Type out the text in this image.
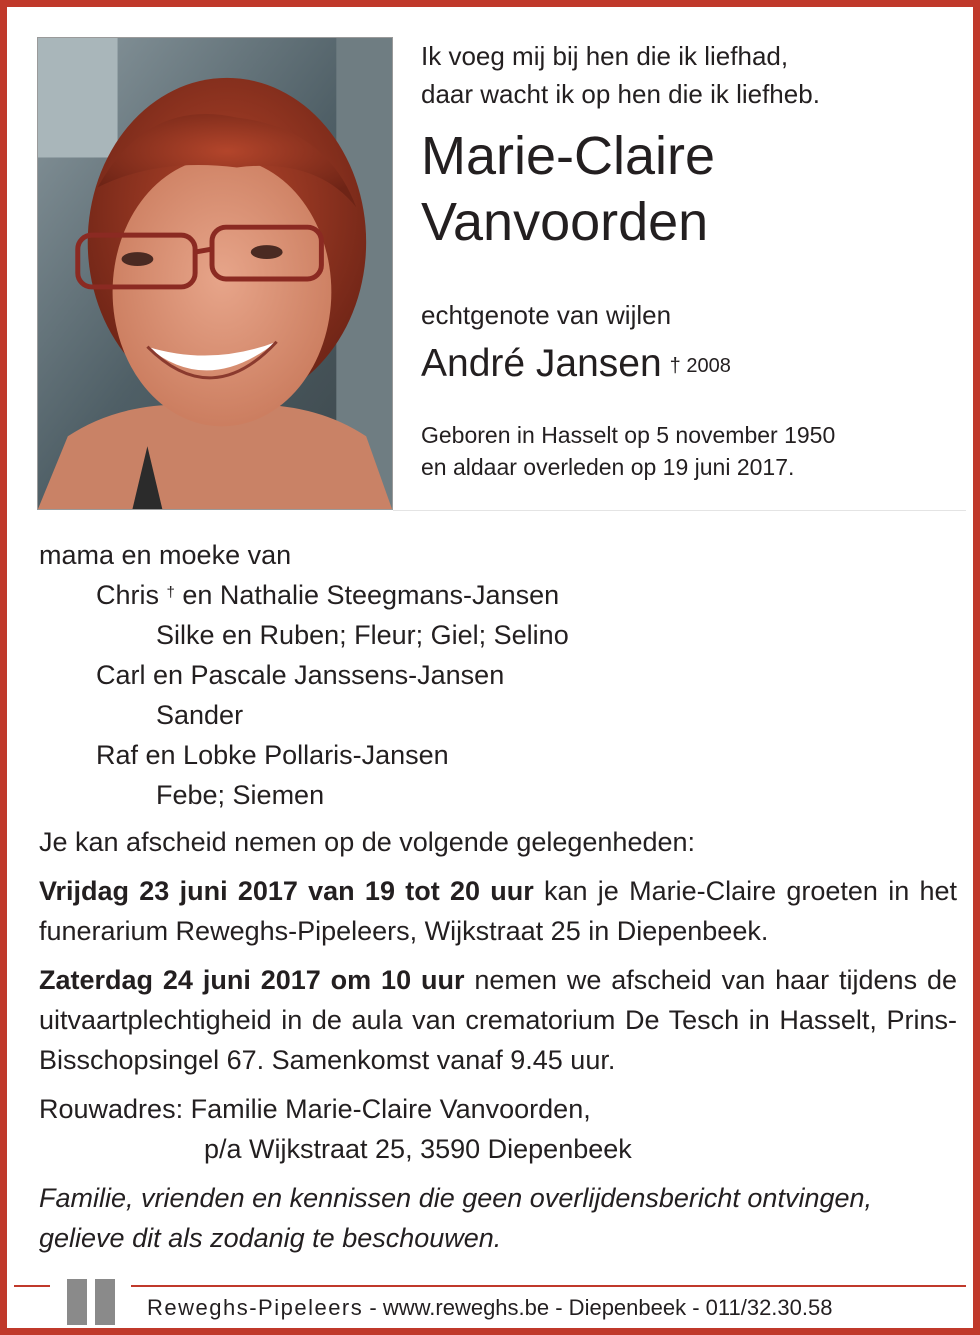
Ik voeg mij bij hen die ik liefhad,
daar wacht ik op hen die ik liefheb.

Marie-Claire
Vanvoorden
echtgenote van wijlen
André Jansen $^{\dagger 2008}$
Geboren in Hasselt op 5 november 1950
en aldaar overleden op 19 juni 2017.
mama en moeke van
Chris † en Nathalie Steegmans-Jansen
Silke en Ruben; Fleur; Giel; Selino
Carl en Pascale Janssens-Jansen
Sander
Raf en Lobke Pollaris-Jansen
Febe; Siemen

Je kan afscheid nemen op de volgende gelegenheden:

Vrijdag 23 juni 2017 van 19 tot 20 uur kan je Marie-Claire groeten in het funerarium Reweghs-Pipeleers, Wijkstraat 25 in Diepenbeek.

Zaterdag 24 juni 2017 om 10 uur nemen we afscheid van haar tijdens de uitvaartplechtigheid in de aula van crematorium De Tesch in Hasselt, Prins-Bisschopsingel 67. Samenkomst vanaf 9.45 uur.

Rouwadres: Familie Marie-Claire Vanvoorden,
p/a Wijkstraat 25, 3590 Diepenbeek

Familie, vrienden en kennissen die geen overlijdensbericht ontvingen,
gelieve dit als zodanig te beschouwen.

Reweghs-Pipeleers - www.reweghs.be - Diepenbeek - 011/32.30.58
